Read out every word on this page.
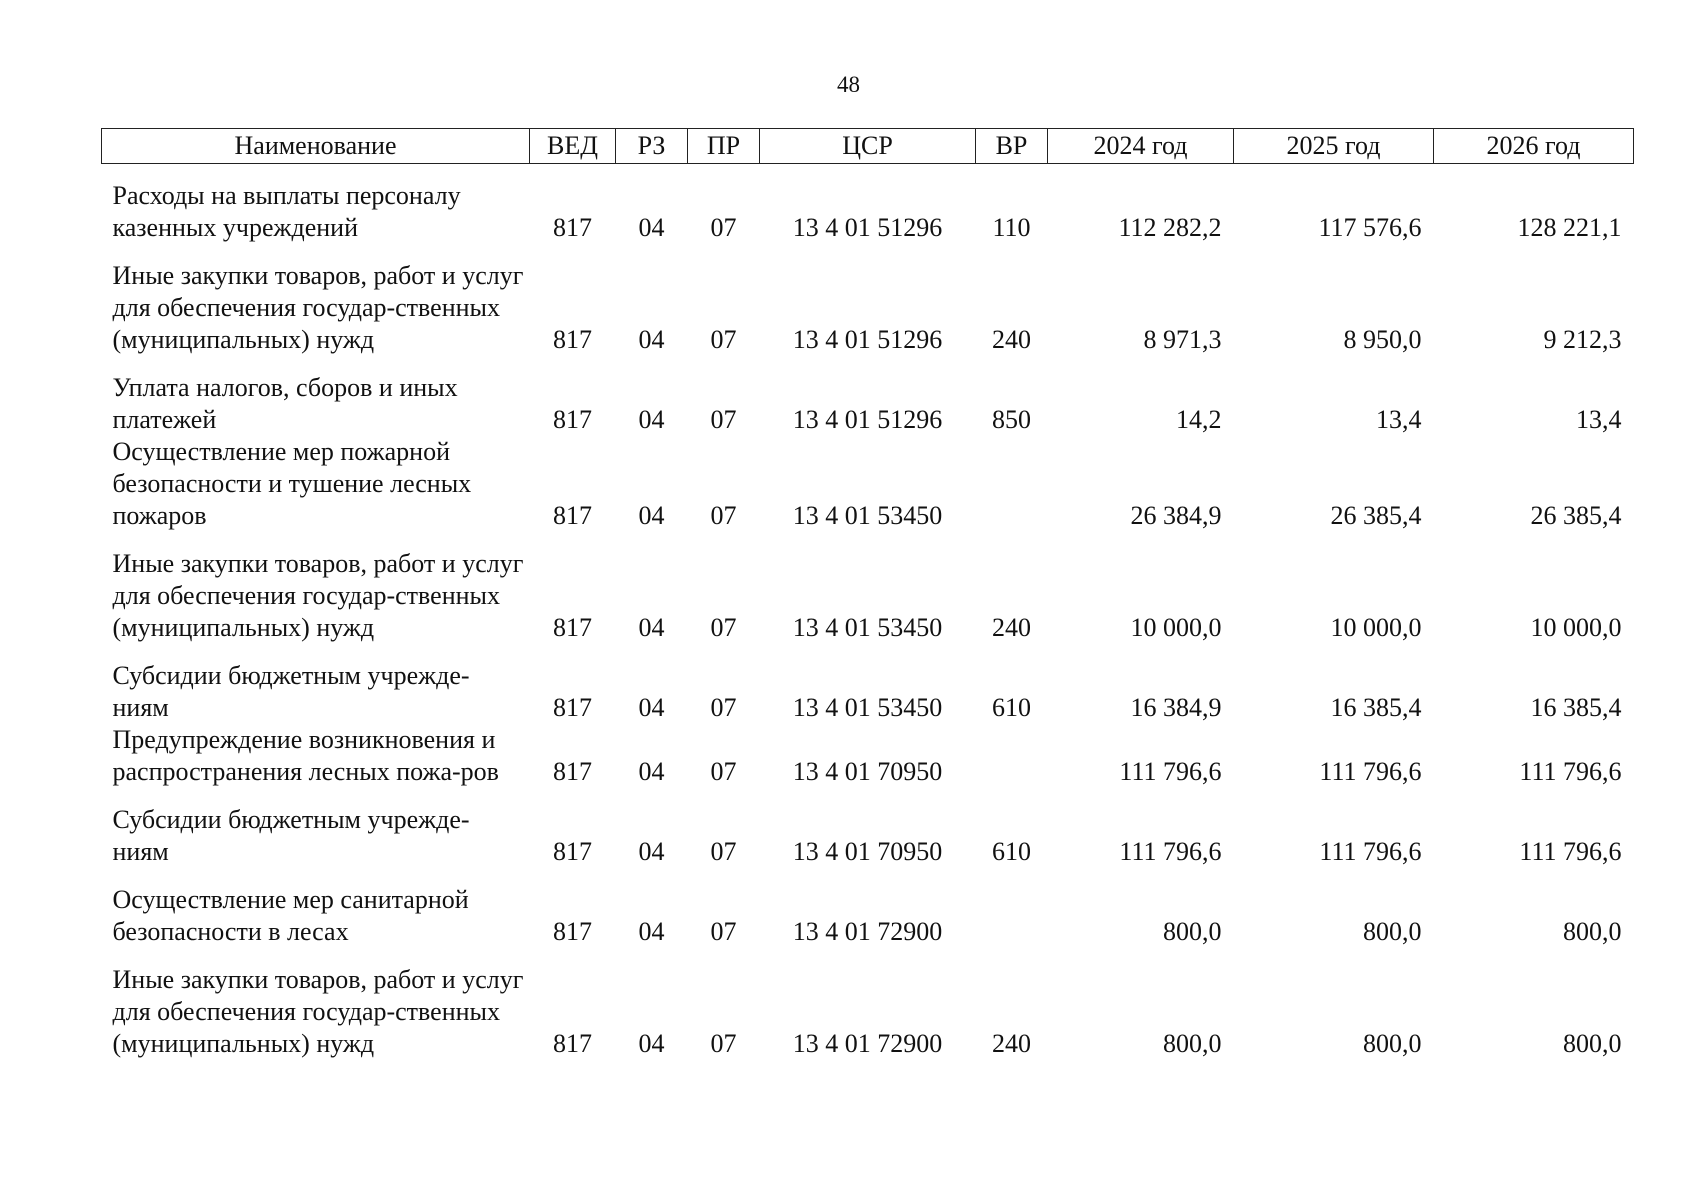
48
Наименование	ВЕД	РЗ	ПР	ЦСР	ВР	2024 год	2025 год	2026 год
Расходы на выплаты персоналу казенных учреждений	817	04	07	13 4 01 51296	110	112 282,2	117 576,6	128 221,1
Иные закупки товаров, работ и услуг для обеспечения государ-ственных (муниципальных) нужд	817	04	07	13 4 01 51296	240	8 971,3	8 950,0	9 212,3
Уплата налогов, сборов и иных платежей	817	04	07	13 4 01 51296	850	14,2	13,4	13,4
Осуществление мер пожарной безопасности и тушение лесных пожаров	817	04	07	13 4 01 53450		26 384,9	26 385,4	26 385,4
Иные закупки товаров, работ и услуг для обеспечения государ-ственных (муниципальных) нужд	817	04	07	13 4 01 53450	240	10 000,0	10 000,0	10 000,0
Субсидии бюджетным учрежде-ниям	817	04	07	13 4 01 53450	610	16 384,9	16 385,4	16 385,4
Предупреждение возникновения и распространения лесных пожа-ров	817	04	07	13 4 01 70950		111 796,6	111 796,6	111 796,6
Субсидии бюджетным учрежде-ниям	817	04	07	13 4 01 70950	610	111 796,6	111 796,6	111 796,6
Осуществление мер санитарной безопасности в лесах	817	04	07	13 4 01 72900		800,0	800,0	800,0
Иные закупки товаров, работ и услуг для обеспечения государ-ственных (муниципальных) нужд	817	04	07	13 4 01 72900	240	800,0	800,0	800,0
